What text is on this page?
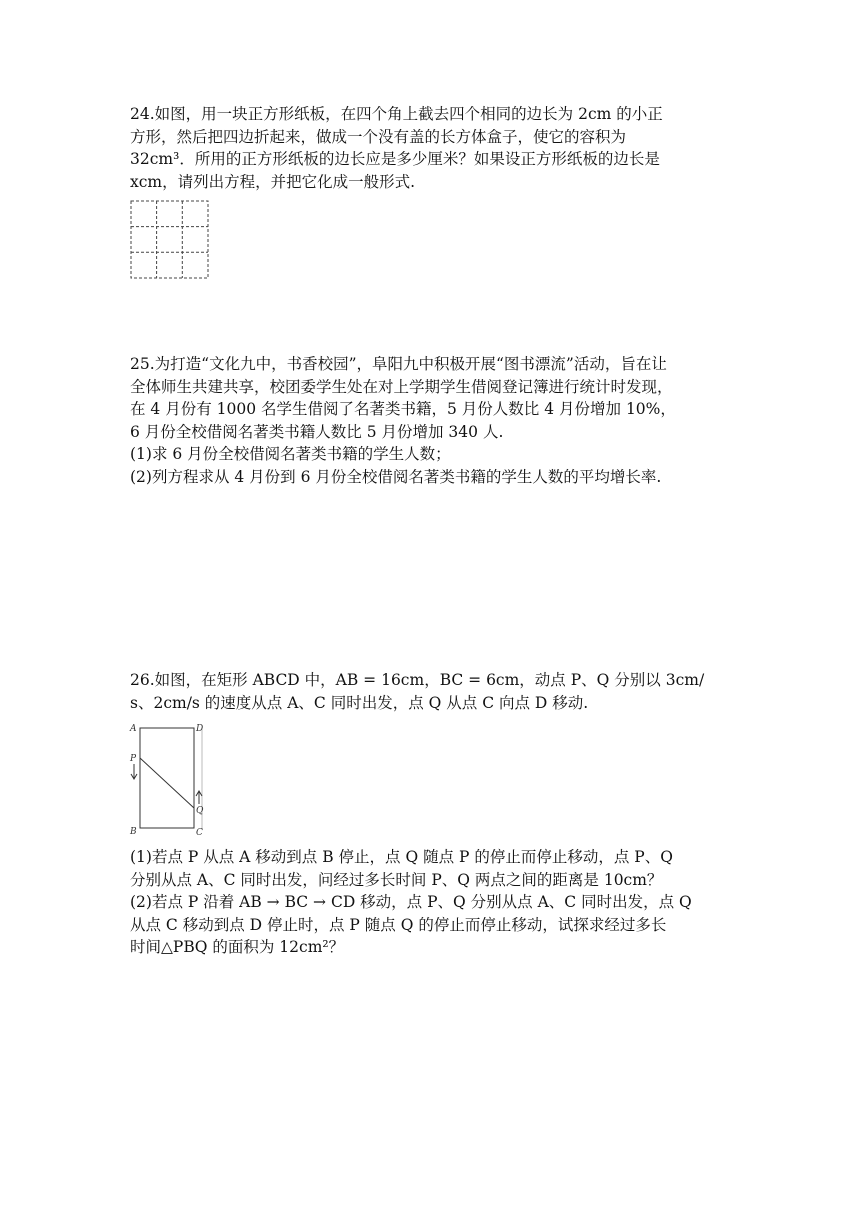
24.如图，用一块正方形纸板，在四个角上截去四个相同的边长为 2cm 的小正
方形，然后把四边折起来，做成一个没有盖的长方体盒子，使它的容积为
32cm³．所用的正方形纸板的边长应是多少厘米？如果设正方形纸板的边长是
xcm，请列出方程，并把它化成一般形式.
25.为打造“文化九中，书香校园”，阜阳九中积极开展“图书漂流”活动，旨在让
全体师生共建共享，校团委学生处在对上学期学生借阅登记簿进行统计时发现，
在 4 月份有 1000 名学生借阅了名著类书籍，5 月份人数比 4 月份增加 10%，
6 月份全校借阅名著类书籍人数比 5 月份增加 340 人.
(1)求 6 月份全校借阅名著类书籍的学生人数；
(2)列方程求从 4 月份到 6 月份全校借阅名著类书籍的学生人数的平均增长率.
26.如图，在矩形 ABCD 中，AB = 16cm，BC = 6cm，动点 P、Q 分别以 3cm/
s、2cm/s 的速度从点 A、C 同时出发，点 Q 从点 C 向点 D 移动.
A	D
P
Q
B	C
(1)若点 P 从点 A 移动到点 B 停止，点 Q 随点 P 的停止而停止移动，点 P、Q
分别从点 A、C 同时出发，问经过多长时间 P、Q 两点之间的距离是 10cm？
(2)若点 P 沿着 AB → BC → CD 移动，点 P、Q 分别从点 A、C 同时出发，点 Q
从点 C 移动到点 D 停止时，点 P 随点 Q 的停止而停止移动，试探求经过多长
时间△PBQ 的面积为 12cm²？
